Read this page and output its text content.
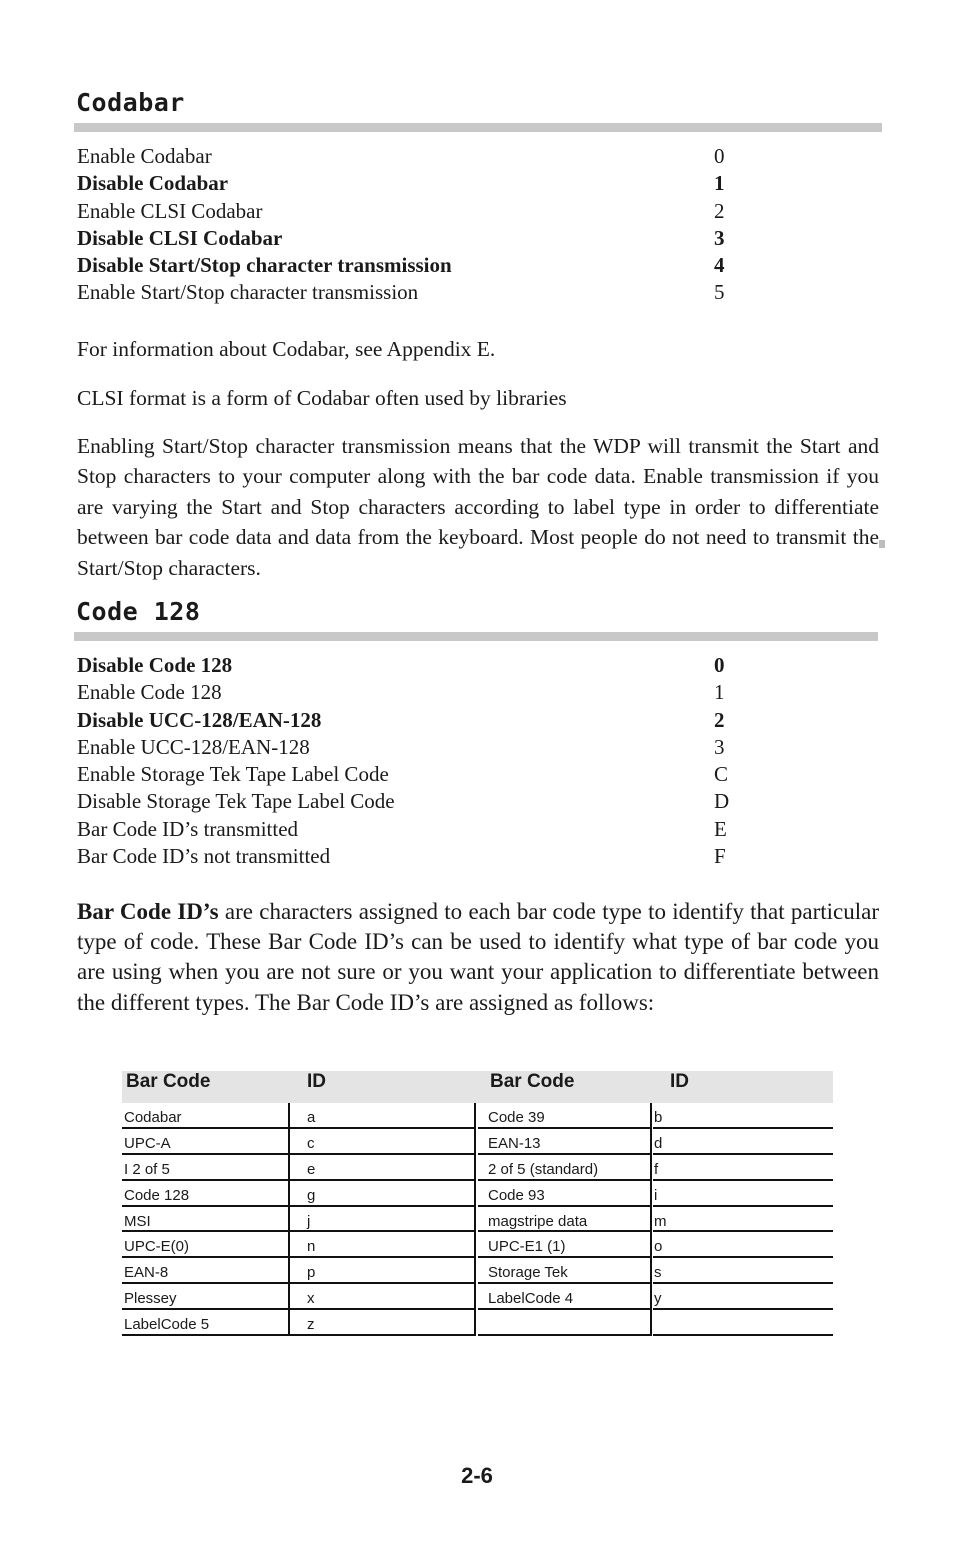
Codabar
Enable Codabar	0
Disable Codabar	1
Enable CLSI Codabar	2
Disable CLSI Codabar	3
Disable Start/Stop character transmission	4
Enable Start/Stop character transmission	5

For information about Codabar, see Appendix E.

CLSI format is a form of Codabar often used by libraries

Enabling Start/Stop character transmission means that the WDP will transmit the Start and Stop characters to your computer along with the bar code data. Enable transmission if you are varying the Start and Stop characters according to label type in order to differentiate between bar code data and data from the keyboard. Most people do not need to transmit the Start/Stop characters.

Code 128
Disable Code 128	0
Enable Code 128	1
Disable UCC-128/EAN-128	2
Enable UCC-128/EAN-128	3
Enable Storage Tek Tape Label Code	C
Disable Storage Tek Tape Label Code	D
Bar Code ID’s transmitted	E
Bar Code ID’s not transmitted	F

Bar Code ID’s are characters assigned to each bar code type to identify that particular type of code. These Bar Code ID’s can be used to identify what type of bar code you are using when you are not sure or you want your application to differentiate between the different types. The Bar Code ID’s are assigned as follows:

Bar Code	ID	Bar Code	ID
Codabar	a	Code 39	b
UPC-A	c	EAN-13	d
I 2 of 5	e	2 of 5 (standard)	f
Code 128	g	Code 93	i
MSI	j	magstripe data	m
UPC-E(0)	n	UPC-E1 (1)	o
EAN-8	p	Storage Tek	s
Plessey	x	LabelCode 4	y
LabelCode 5	z
2-6
